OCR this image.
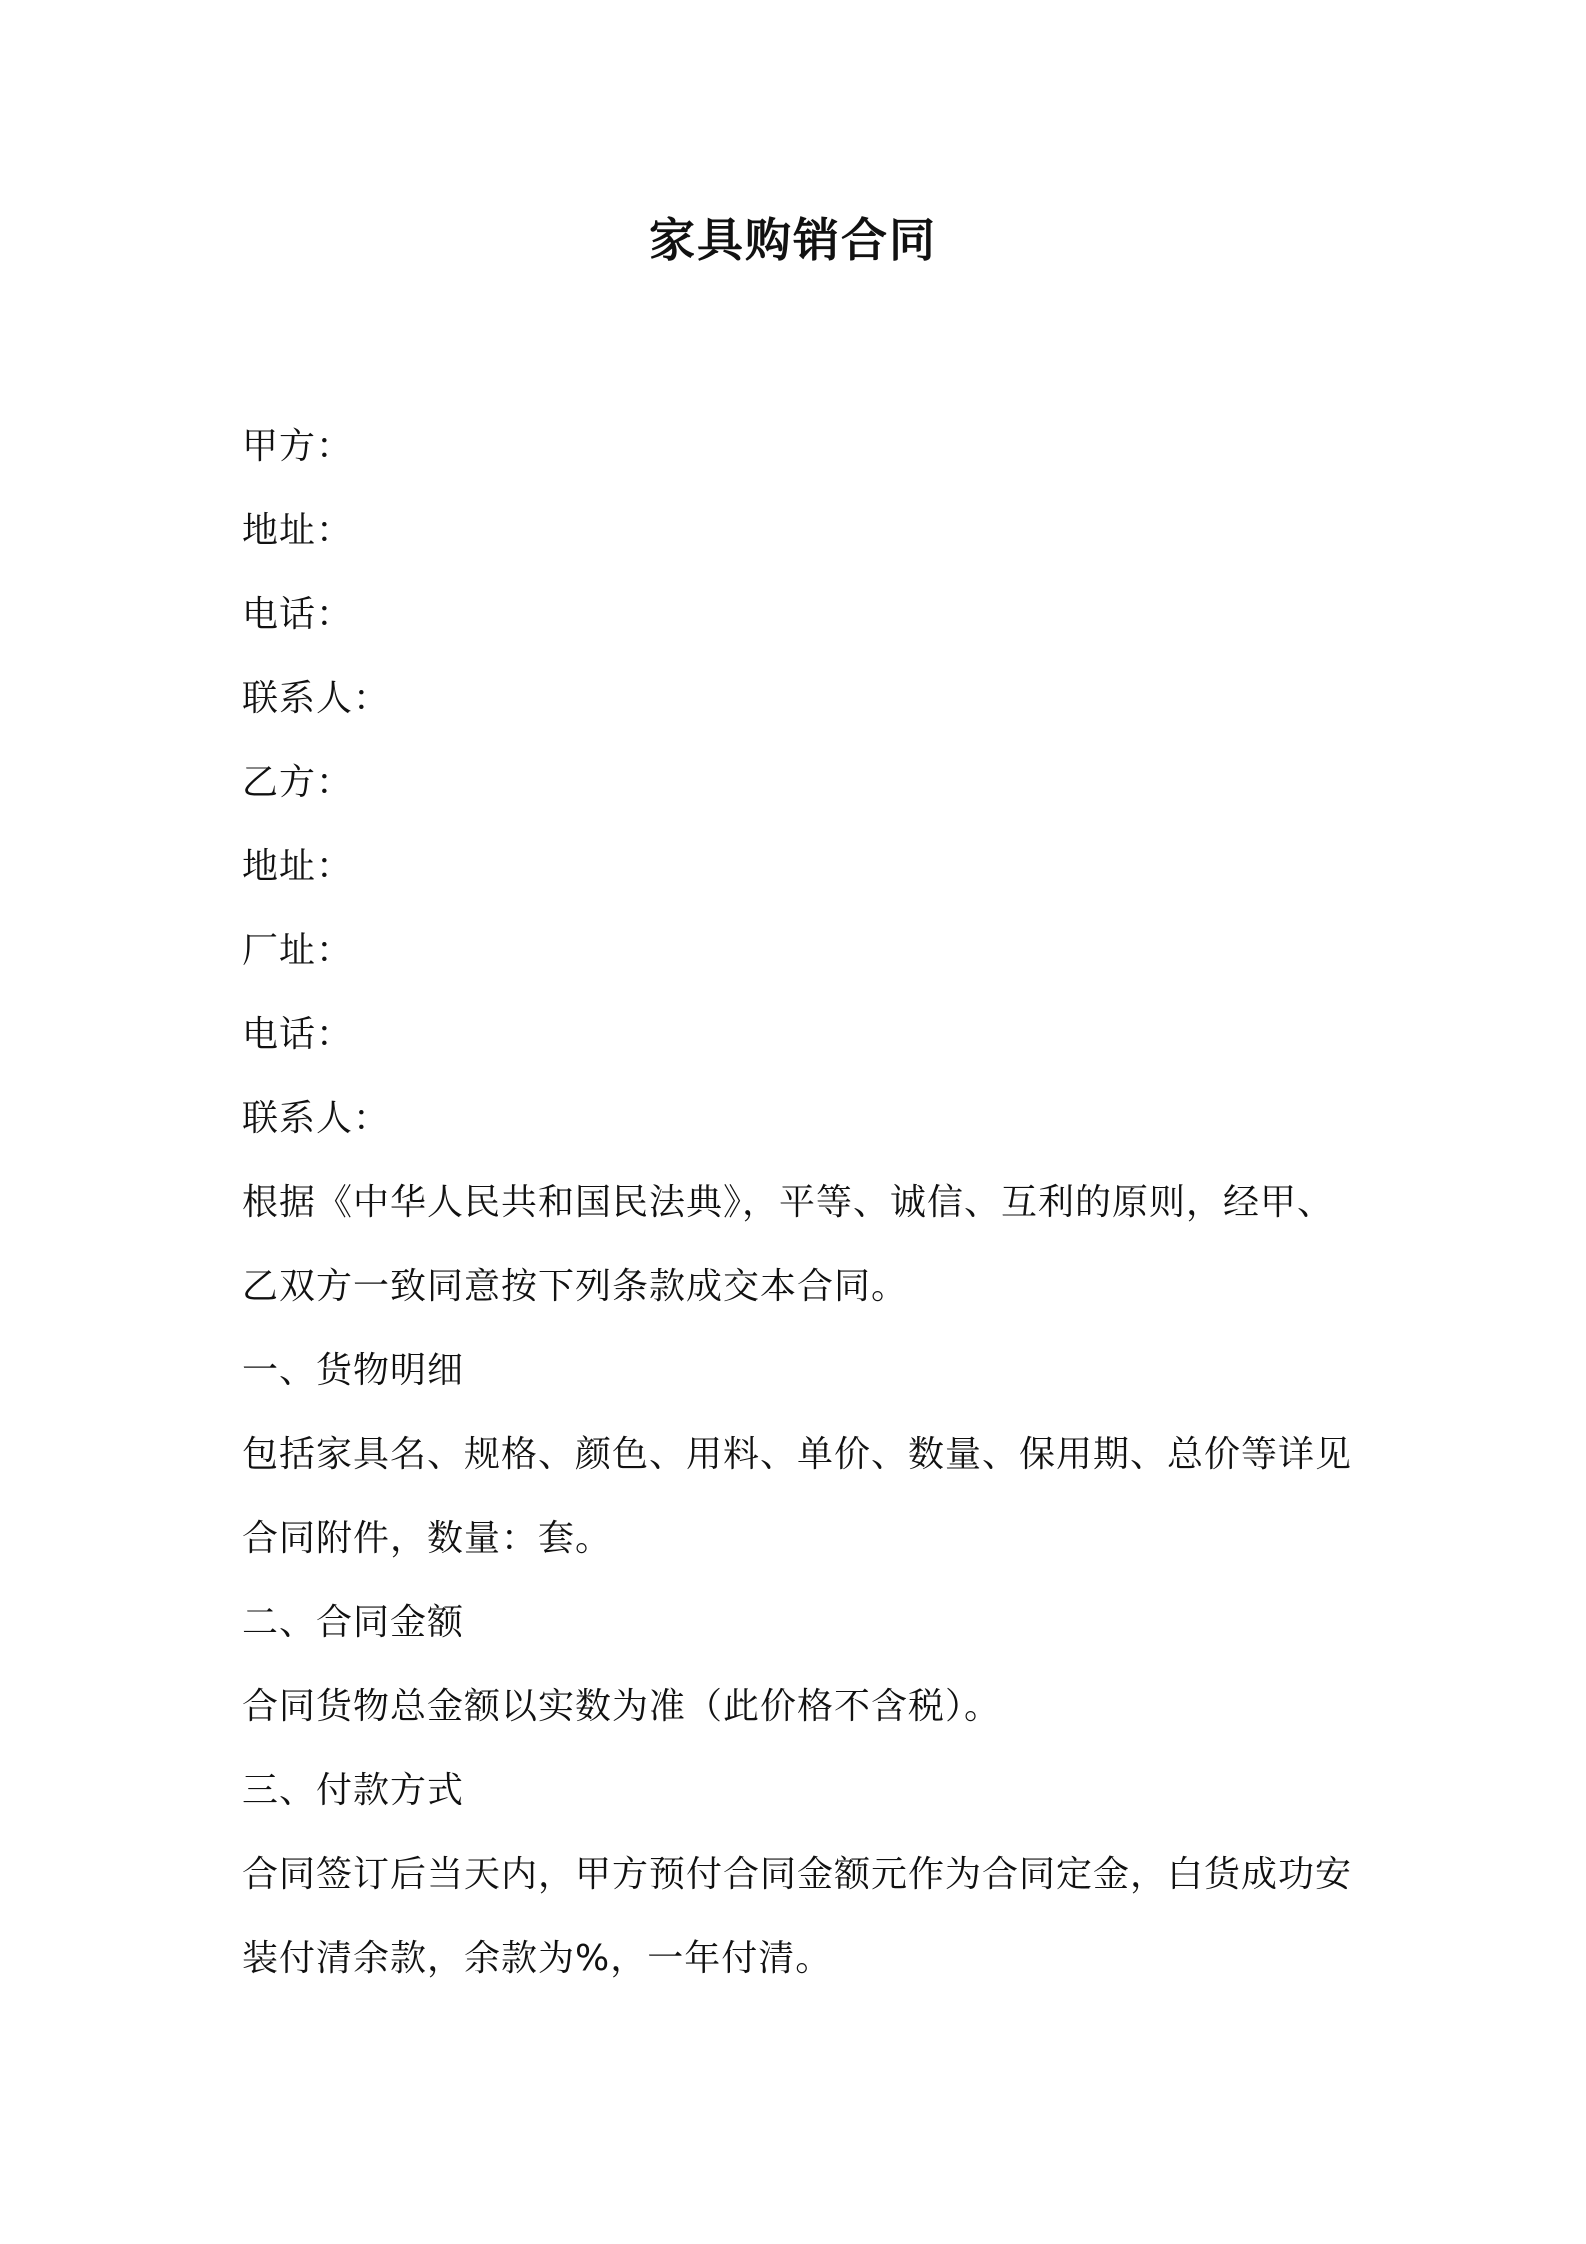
家具购销合同
甲方：
地址：
电话：
联系人：
乙方：
地址：
厂址：
电话：
联系人：
根据《中华人民共和国民法典》，平等、诚信、互利的原则，经甲、
乙双方一致同意按下列条款成交本合同。
一、货物明细
包括家具名、规格、颜色、用料、单价、数量、保用期、总价等详见
合同附件，数量：套。
二、合同金额
合同货物总金额以实数为准（此价格不含税）。
三、付款方式
合同签订后当天内，甲方预付合同金额元作为合同定金，白货成功安
装付清余款，余款为%，一年付清。
